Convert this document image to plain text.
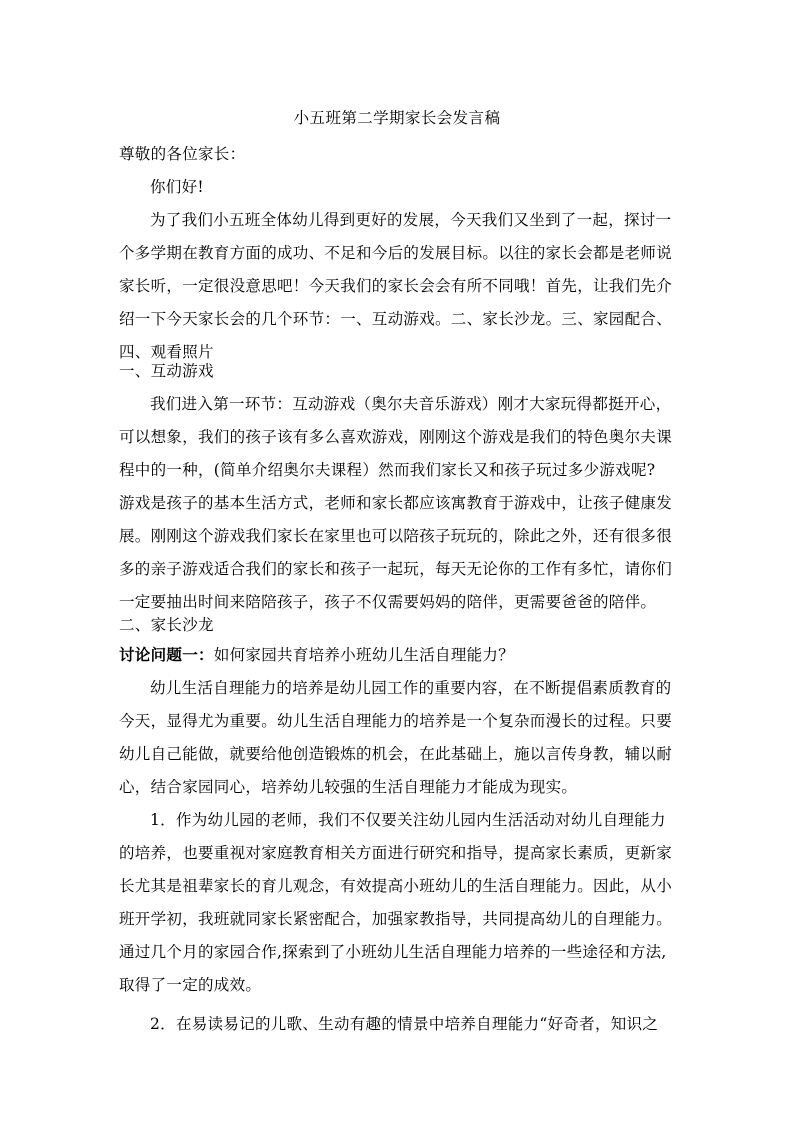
小五班第二学期家长会发言稿
尊敬的各位家长：
你们好!
为了我们小五班全体幼儿得到更好的发展，今天我们又坐到了一起，探讨一
个多学期在教育方面的成功、不足和今后的发展目标。以往的家长会都是老师说
家长听，一定很没意思吧！今天我们的家长会会有所不同哦！首先，让我们先介
绍一下今天家长会的几个环节：一、互动游戏。二、家长沙龙。三、家园配合、
四、观看照片
一、互动游戏
我们进入第一环节：互动游戏（奥尔夫音乐游戏）刚才大家玩得都挺开心，
可以想象，我们的孩子该有多么喜欢游戏，刚刚这个游戏是我们的特色奥尔夫课
程中的一种，(简单介绍奥尔夫课程）然而我们家长又和孩子玩过多少游戏呢?
游戏是孩子的基本生活方式，老师和家长都应该寓教育于游戏中，让孩子健康发
展。刚刚这个游戏我们家长在家里也可以陪孩子玩玩的，除此之外，还有很多很
多的亲子游戏适合我们的家长和孩子一起玩，每天无论你的工作有多忙，请你们
一定要抽出时间来陪陪孩子，孩子不仅需要妈妈的陪伴，更需要爸爸的陪伴。
二、家长沙龙
讨论问题一：如何家园共育培养小班幼儿生活自理能力？
幼儿生活自理能力的培养是幼儿园工作的重要内容，在不断提倡素质教育的
今天，显得尤为重要。幼儿生活自理能力的培养是一个复杂而漫长的过程。只要
幼儿自己能做，就要给他创造锻炼的机会，在此基础上，施以言传身教，辅以耐
心，结合家园同心，培养幼儿较强的生活自理能力才能成为现实。
1．作为幼儿园的老师，我们不仅要关注幼儿园内生活活动对幼儿自理能力
的培养，也要重视对家庭教育相关方面进行研究和指导，提高家长素质，更新家
长尤其是祖辈家长的育儿观念，有效提高小班幼儿的生活自理能力。因此，从小
班开学初，我班就同家长紧密配合，加强家教指导，共同提高幼儿的自理能力。
通过几个月的家园合作,探索到了小班幼儿生活自理能力培养的一些途径和方法,
取得了一定的成效。
2．在易读易记的儿歌、生动有趣的情景中培养自理能力“好奇者，知识之
